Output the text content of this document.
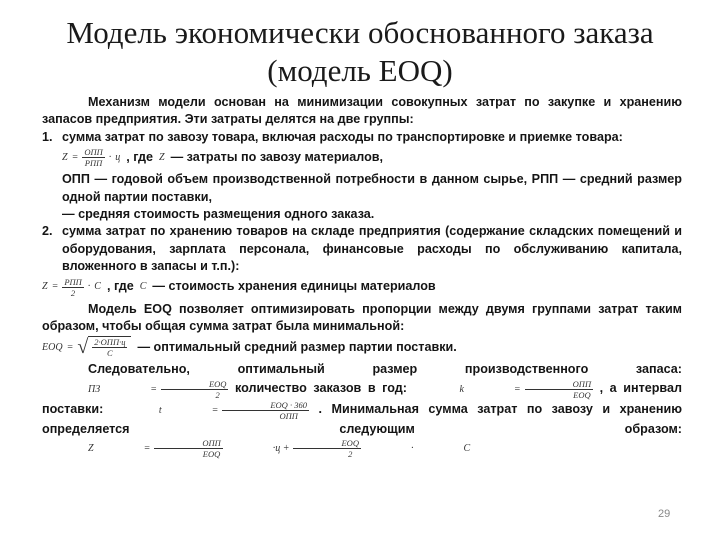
Модель экономически обоснованного заказа
(модель EOQ)

Механизм модели основан на минимизации совокупных затрат по закупке и хранению запасов предприятия. Эти затраты делятся на две группы:

1. сумма затрат по завозу товара, включая расходы по транспортировке и приемке товара:
$Z = \frac{\text{ОПП}}{\text{РПП}} \cdot ц$ , где Z — затраты по завозу материалов,
ОПП — годовой объем производственной потребности в данном сырье, РПП — средний размер одной партии поставки,
— средняя стоимость размещения одного заказа.
2. сумма затрат по хранению товаров на складе предприятия (содержание складских помещений и оборудования, зарплата персонала, финансовые расходы по обслуживанию капитала, вложенного в запасы и т.п.):
$Z = \frac{\text{РПП}}{2} \cdot С$ , где С — стоимость хранения единицы материалов

Модель EOQ позволяет оптимизировать пропорции между двумя группами затрат таким образом, чтобы общая сумма затрат была минимальной:

EOQ = √ $\frac{\text{2·ОПП·ц}}{С}$ — оптимальный средний размер партии поставки.

Следовательно, оптимальный размер производственного запаса:
ПЗ	= $\frac{\text{EOQ}}{2}$ количество заказов в год:	k	= $\frac{\text{ОПП}}{\text{EOQ}}$ , а интервал поставки:	t	= $\frac{\text{EOQ · 360}}{\text{ОПП}}$ . Минимальная сумма затрат по завозу и хранению определяется следующим образом:
Z	= $\frac{\text{ОПП}}{\text{EOQ}}$	$\cdot ц + \frac{\text{EOQ}}{2}$	·	С

29
